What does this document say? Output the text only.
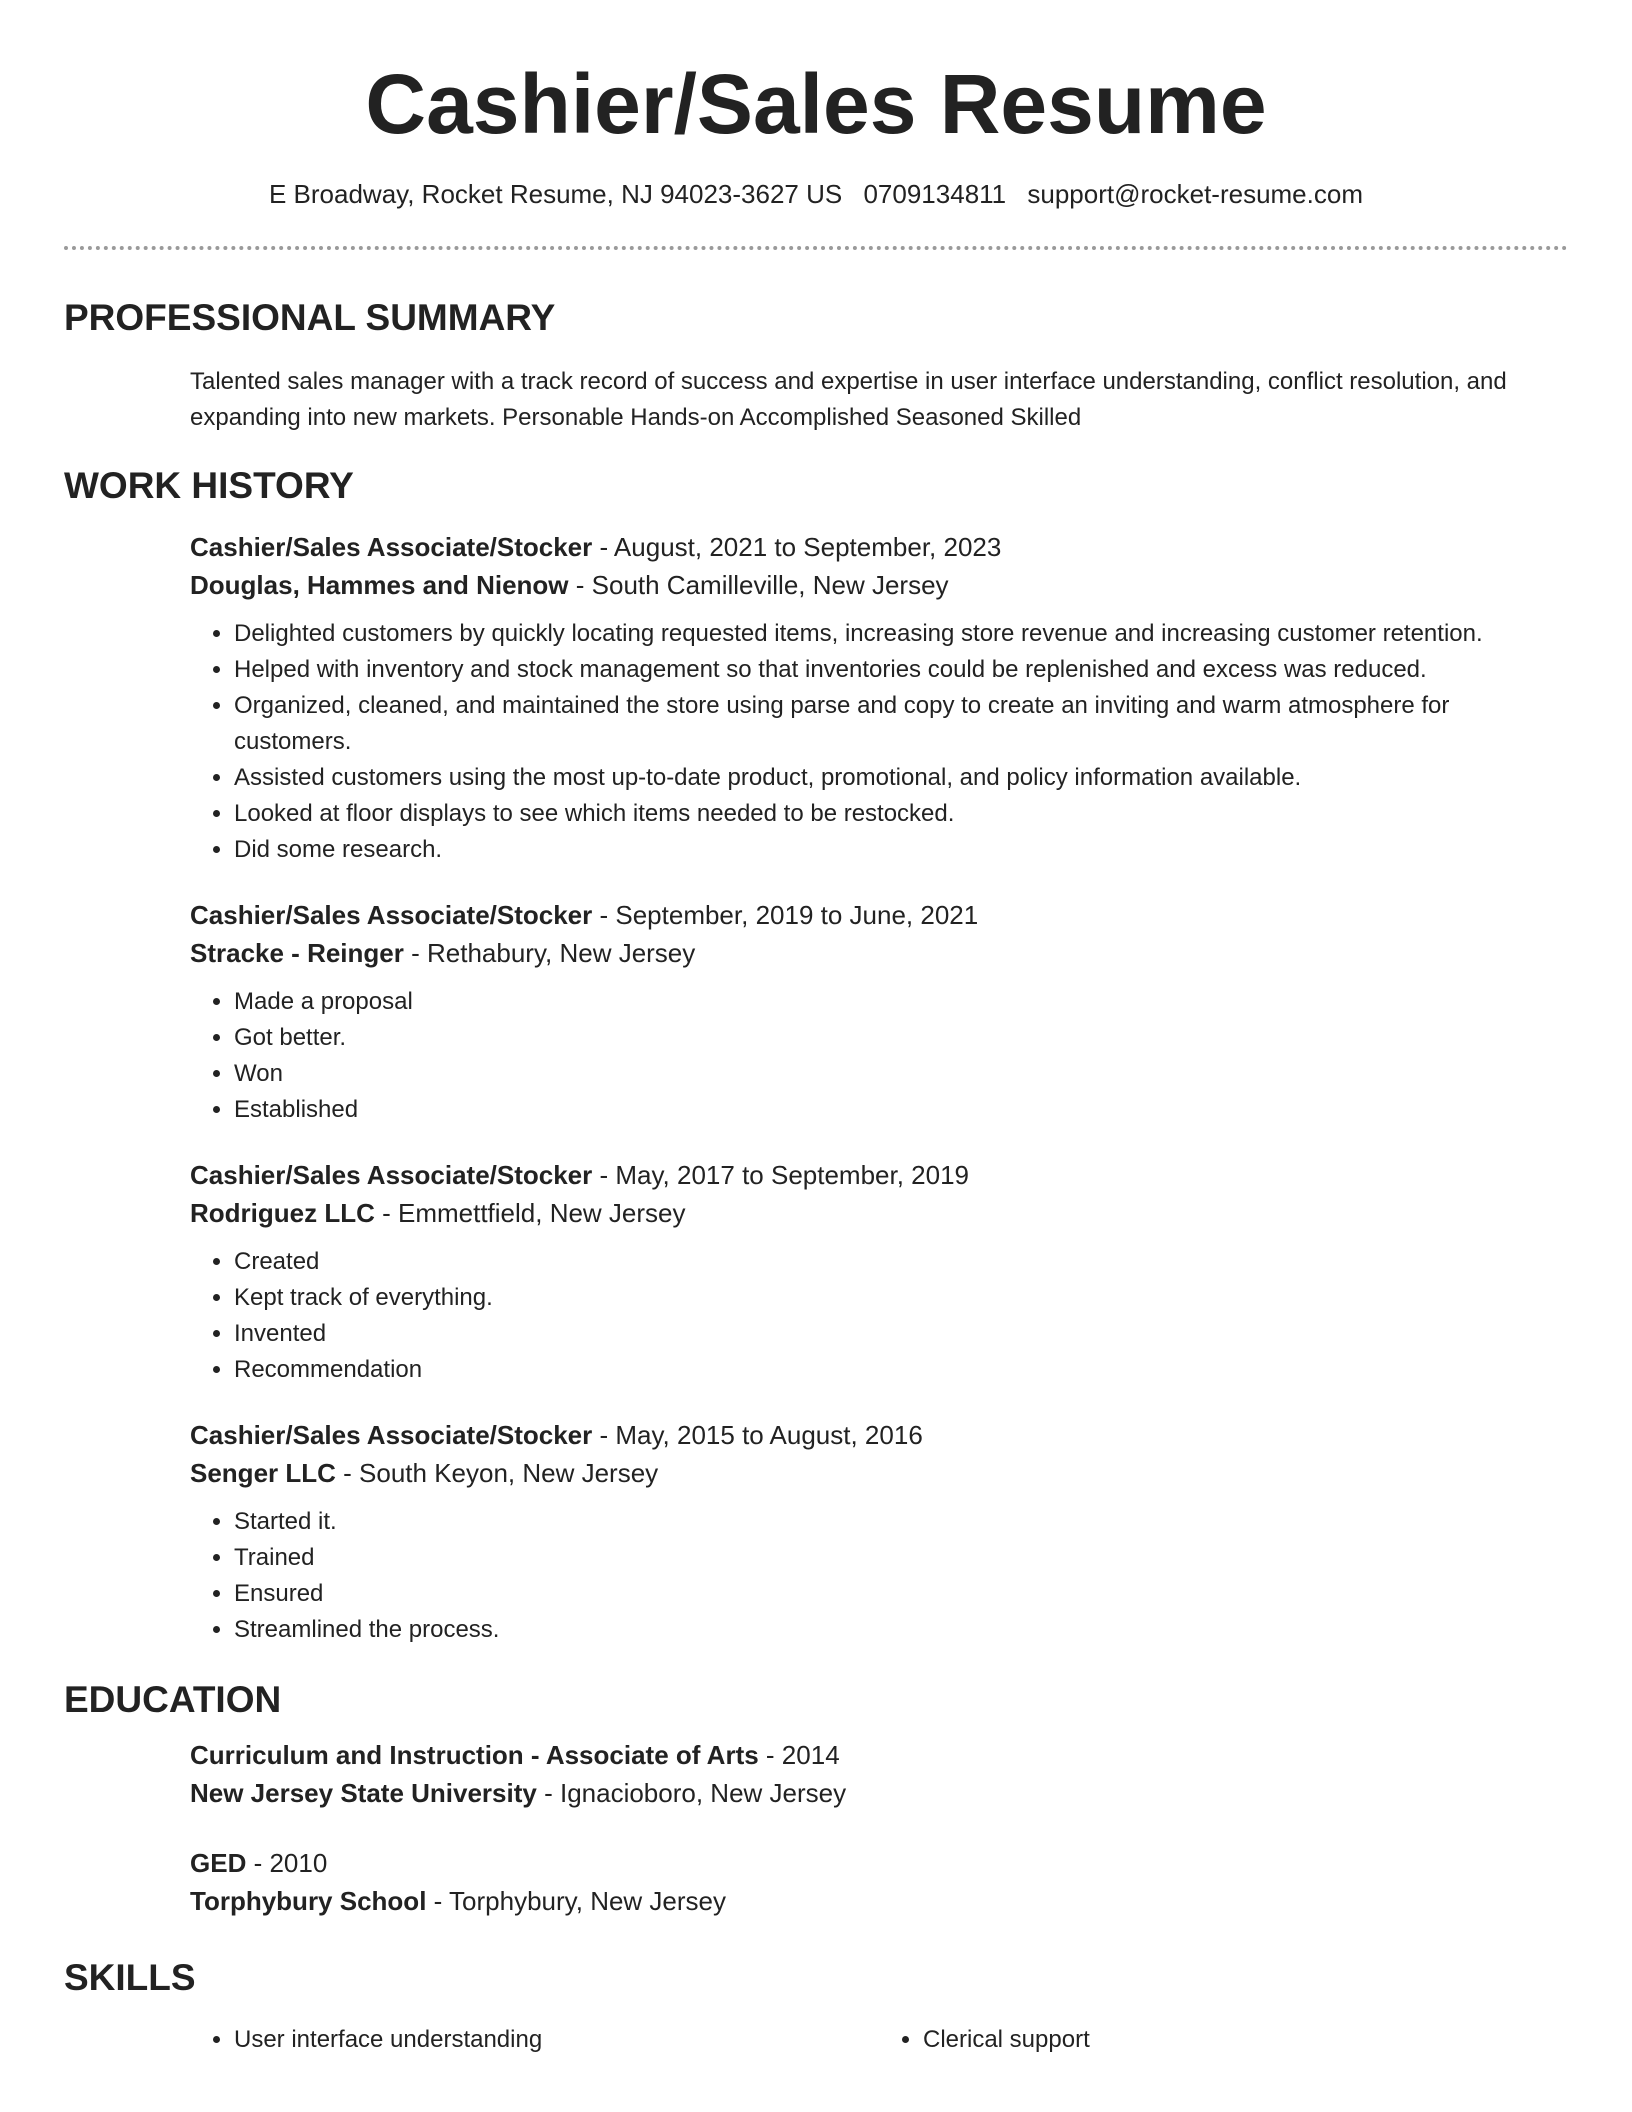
Cashier/Sales Resume
E Broadway, Rocket Resume, NJ 94023-3627 US 0709134811 support@rocket-resume.com
PROFESSIONAL SUMMARY
Talented sales manager with a track record of success and expertise in user interface understanding, conflict resolution, and expanding into new markets. Personable Hands-on Accomplished Seasoned Skilled
WORK HISTORY
Cashier/Sales Associate/Stocker - August, 2021 to September, 2023
Douglas, Hammes and Nienow - South Camilleville, New Jersey
• Delighted customers by quickly locating requested items, increasing store revenue and increasing customer retention.
• Helped with inventory and stock management so that inventories could be replenished and excess was reduced.
• Organized, cleaned, and maintained the store using parse and copy to create an inviting and warm atmosphere for customers.
• Assisted customers using the most up-to-date product, promotional, and policy information available.
• Looked at floor displays to see which items needed to be restocked.
• Did some research.
Cashier/Sales Associate/Stocker - September, 2019 to June, 2021
Stracke - Reinger - Rethabury, New Jersey
• Made a proposal
• Got better.
• Won
• Established
Cashier/Sales Associate/Stocker - May, 2017 to September, 2019
Rodriguez LLC - Emmettfield, New Jersey
• Created
• Kept track of everything.
• Invented
• Recommendation
Cashier/Sales Associate/Stocker - May, 2015 to August, 2016
Senger LLC - South Keyon, New Jersey
• Started it.
• Trained
• Ensured
• Streamlined the process.
EDUCATION
Curriculum and Instruction - Associate of Arts - 2014
New Jersey State University - Ignacioboro, New Jersey
GED - 2010
Torphybury School - Torphybury, New Jersey
SKILLS
• User interface understanding
•	Clerical support
